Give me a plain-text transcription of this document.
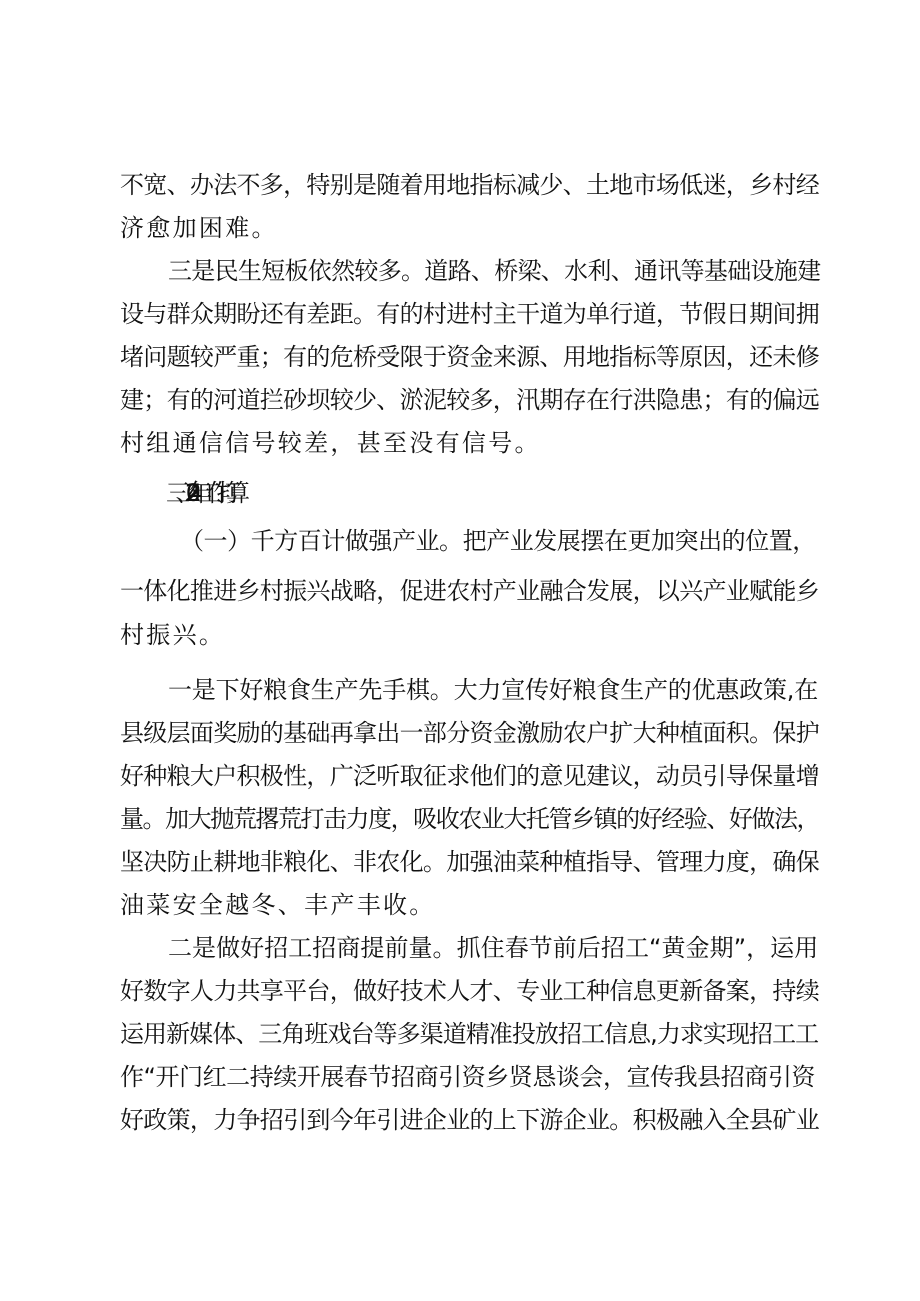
不宽、办法不多，特别是随着用地指标减少、土地市场低迷，乡村经
济愈加困难。
三是民生短板依然较多。道路、桥梁、水利、通讯等基础设施建
设与群众期盼还有差距。有的村进村主干道为单行道，节假日期间拥
堵问题较严重；有的危桥受限于资金来源、用地指标等原因，还未修
建；有的河道拦砂坝较少、淤泥较多，汛期存在行洪隐患；有的偏远
村组通信信号较差，甚至没有信号。
三、2024年工作打算
（一）千方百计做强产业。把产业发展摆在更加突出的位置，
一体化推进乡村振兴战略，促进农村产业融合发展，以兴产业赋能乡
村振兴。
一是下好粮食生产先手棋。大力宣传好粮食生产的优惠政策,在
县级层面奖励的基础再拿出一部分资金激励农户扩大种植面积。保护
好种粮大户积极性，广泛听取征求他们的意见建议，动员引导保量增
量。加大抛荒撂荒打击力度，吸收农业大托管乡镇的好经验、好做法，
坚决防止耕地非粮化、非农化。加强油菜种植指导、管理力度，确保
油菜安全越冬、丰产丰收。
二是做好招工招商提前量。抓住春节前后招工“黄金期”，运用
好数字人力共享平台，做好技术人才、专业工种信息更新备案，持续
运用新媒体、三角班戏台等多渠道精准投放招工信息,力求实现招工工
作“开门红二持续开展春节招商引资乡贤恳谈会，宣传我县招商引资
好政策，力争招引到今年引进企业的上下游企业。积极融入全县矿业
